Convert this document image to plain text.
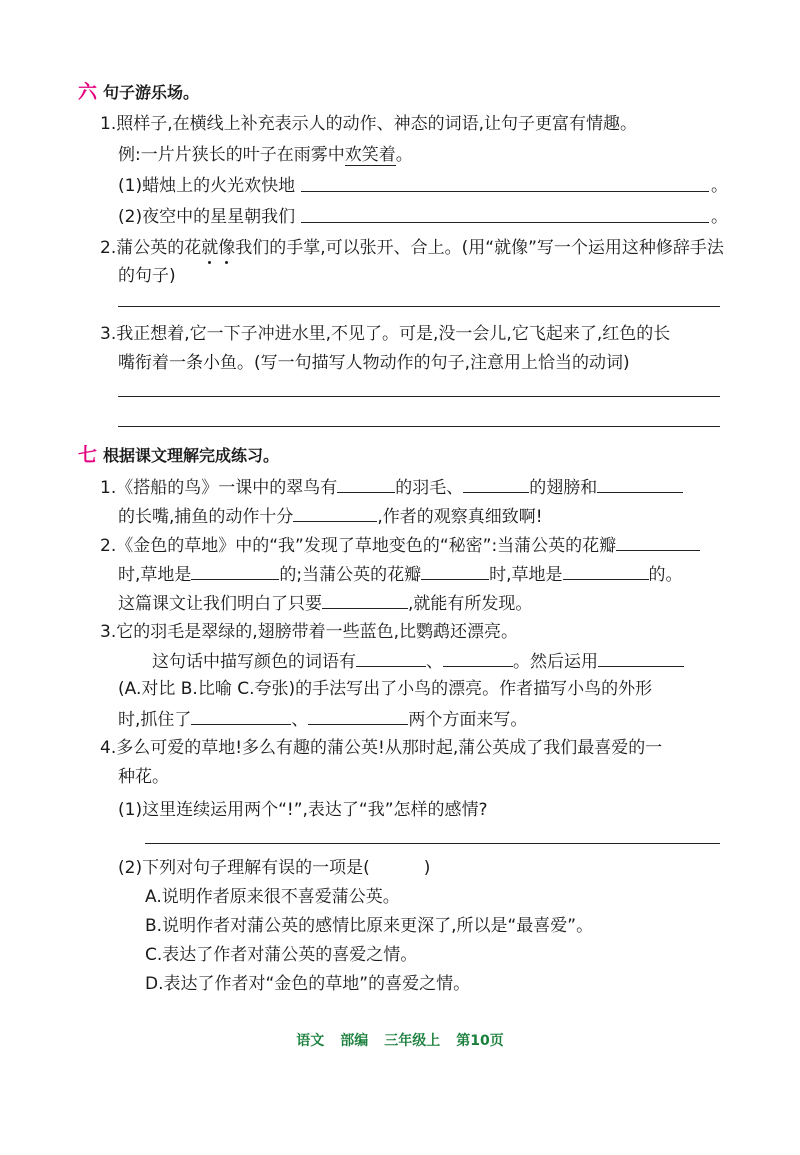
六 句子游乐场。
1.照样子,在横线上补充表示人的动作、神态的词语,让句子更富有情趣。
例:一片片狭长的叶子在雨雾中欢笑着。
(1)蜡烛上的火光欢快地	。
(2)夜空中的星星朝我们	。
2.蒲公英的花就像我们的手掌,可以张开、合上。(用“就像”写一个运用这种修辞手法
的句子)
3.我正想着,它一下子冲进水里,不见了。可是,没一会儿,它飞起来了,红色的长
嘴衔着一条小鱼。(写一句描写人物动作的句子,注意用上恰当的动词)
七 根据课文理解完成练习。
1.《搭船的鸟》一课中的翠鸟有	的羽毛、	的翅膀和
的长嘴,捕鱼的动作十分	,作者的观察真细致啊!
2.《金色的草地》中的“我”发现了草地变色的“秘密”:当蒲公英的花瓣
时,草地是	的;当蒲公英的花瓣	时,草地是	的。
这篇课文让我们明白了只要	,就能有所发现。
3.它的羽毛是翠绿的,翅膀带着一些蓝色,比鹦鹉还漂亮。
这句话中描写颜色的词语有	、	。然后运用
(A.对比 B.比喻 C.夸张)的手法写出了小鸟的漂亮。作者描写小鸟的外形
时,抓住了	、	两个方面来写。
4.多么可爱的草地!多么有趣的蒲公英!从那时起,蒲公英成了我们最喜爱的一
种花。
(1)这里连续运用两个“!”,表达了“我”怎样的感情?
(2)下列对句子理解有误的一项是(	)
A.说明作者原来很不喜爱蒲公英。
B.说明作者对蒲公英的感情比原来更深了,所以是“最喜爱”。
C.表达了作者对蒲公英的喜爱之情。
D.表达了作者对“金色的草地”的喜爱之情。
语文 部编 三年级上 第10页
